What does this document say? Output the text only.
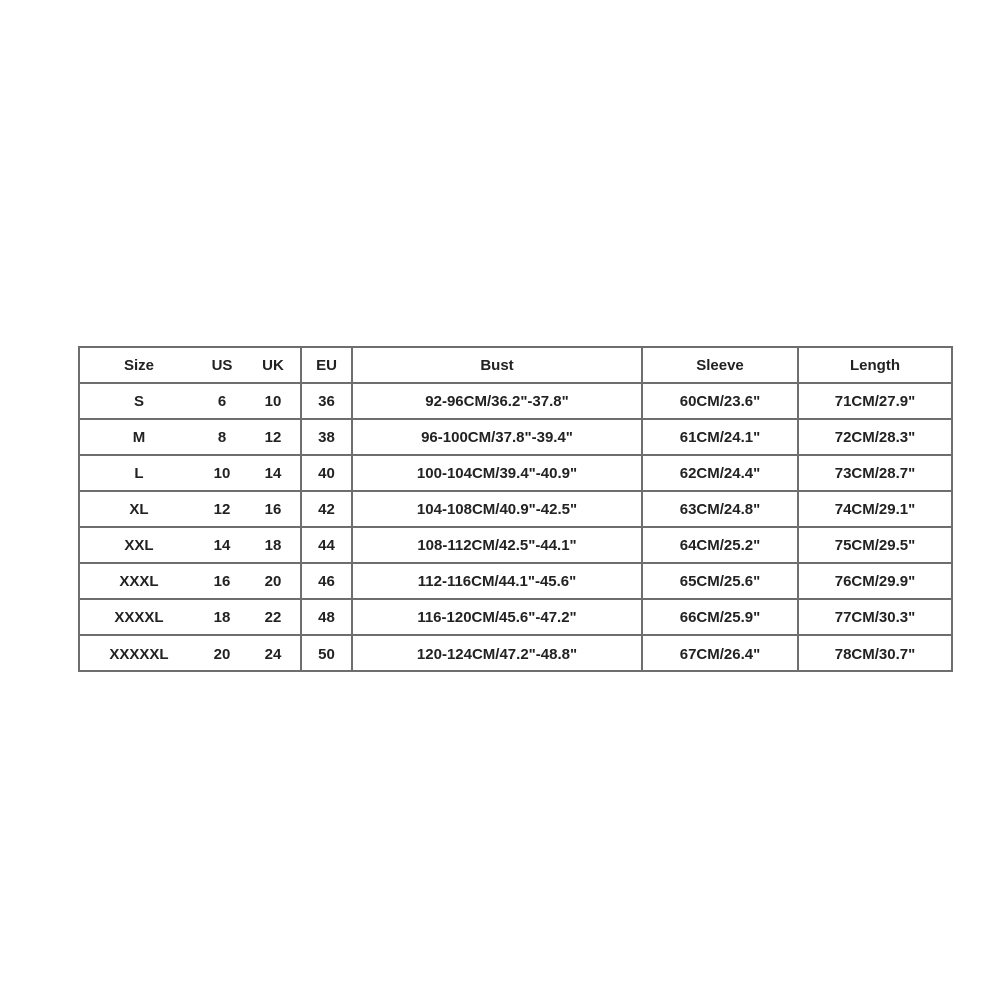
Size	US	UK	EU	Bust	Sleeve	Length
S	6	10	36	92-96CM/36.2"-37.8"	60CM/23.6"	71CM/27.9"
M	8	12	38	96-100CM/37.8"-39.4"	61CM/24.1"	72CM/28.3"
L	10	14	40	100-104CM/39.4"-40.9"	62CM/24.4"	73CM/28.7"
XL	12	16	42	104-108CM/40.9"-42.5"	63CM/24.8"	74CM/29.1"
XXL	14	18	44	108-112CM/42.5"-44.1"	64CM/25.2"	75CM/29.5"
XXXL	16	20	46	112-116CM/44.1"-45.6"	65CM/25.6"	76CM/29.9"
XXXXL	18	22	48	116-120CM/45.6"-47.2"	66CM/25.9"	77CM/30.3"
XXXXXL	20	24	50	120-124CM/47.2"-48.8"	67CM/26.4"	78CM/30.7"
